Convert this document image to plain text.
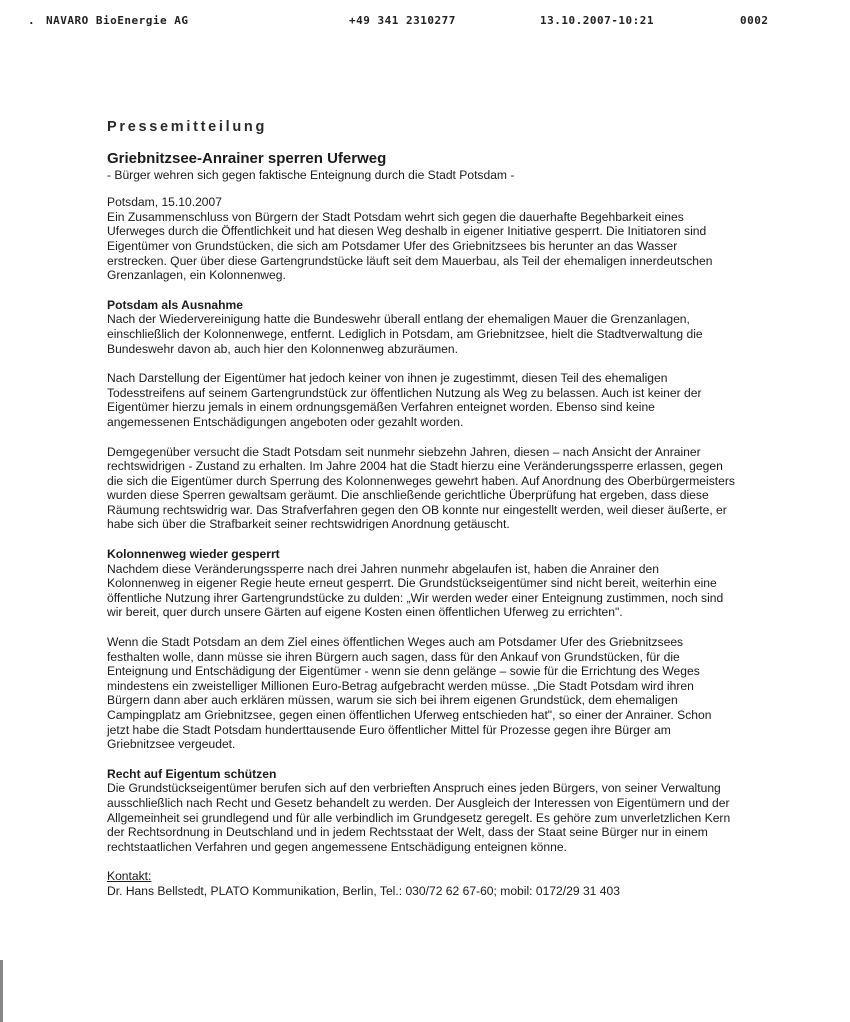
. NAVARO BioEnergie AG	+49 341 2310277	13.10.2007-10:21	0002

Pressemitteilung

Griebnitzsee-Anrainer sperren Uferweg

- Bürger wehren sich gegen faktische Enteignung durch die Stadt Potsdam -

Potsdam, 15.10.2007

Ein Zusammenschluss von Bürgern der Stadt Potsdam wehrt sich gegen die dauerhafte Begehbarkeit eines Uferweges durch die Öffentlichkeit und hat diesen Weg deshalb in eigener Initiative gesperrt. Die Initiatoren sind Eigentümer von Grundstücken, die sich am Potsdamer Ufer des Griebnitzsees bis herunter an das Wasser erstrecken. Quer über diese Gartengrundstücke läuft seit dem Mauerbau, als Teil der ehemaligen innerdeutschen Grenzanlagen, ein Kolonnenweg.

Potsdam als Ausnahme

Nach der Wiedervereinigung hatte die Bundeswehr überall entlang der ehemaligen Mauer die Grenzanlagen, einschließlich der Kolonnenwege, entfernt. Lediglich in Potsdam, am Griebnitzsee, hielt die Stadtverwaltung die Bundeswehr davon ab, auch hier den Kolonnenweg abzuräumen.

Nach Darstellung der Eigentümer hat jedoch keiner von ihnen je zugestimmt, diesen Teil des ehemaligen Todesstreifens auf seinem Gartengrundstück zur öffentlichen Nutzung als Weg zu belassen. Auch ist keiner der Eigentümer hierzu jemals in einem ordnungsgemäßen Verfahren enteignet worden. Ebenso sind keine angemessenen Entschädigungen angeboten oder gezahlt worden.

Demgegenüber versucht die Stadt Potsdam seit nunmehr siebzehn Jahren, diesen – nach Ansicht der Anrainer rechtswidrigen - Zustand zu erhalten. Im Jahre 2004 hat die Stadt hierzu eine Veränderungssperre erlassen, gegen die sich die Eigentümer durch Sperrung des Kolonnenweges gewehrt haben. Auf Anordnung des Oberbürgermeisters wurden diese Sperren gewaltsam geräumt. Die anschließende gerichtliche Überprüfung hat ergeben, dass diese Räumung rechtswidrig war. Das Strafverfahren gegen den OB konnte nur eingestellt werden, weil dieser äußerte, er habe sich über die Strafbarkeit seiner rechtswidrigen Anordnung getäuscht.

Kolonnenweg wieder gesperrt

Nachdem diese Veränderungssperre nach drei Jahren nunmehr abgelaufen ist, haben die Anrainer den Kolonnenweg in eigener Regie heute erneut gesperrt. Die Grundstückseigentümer sind nicht bereit, weiterhin eine öffentliche Nutzung ihrer Gartengrundstücke zu dulden: „Wir werden weder einer Enteignung zustimmen, noch sind wir bereit, quer durch unsere Gärten auf eigene Kosten einen öffentlichen Uferweg zu errichten".

Wenn die Stadt Potsdam an dem Ziel eines öffentlichen Weges auch am Potsdamer Ufer des Griebnitzsees festhalten wolle, dann müsse sie ihren Bürgern auch sagen, dass für den Ankauf von Grundstücken, für die Enteignung und Entschädigung der Eigentümer - wenn sie denn gelänge – sowie für die Errichtung des Weges mindestens ein zweistelliger Millionen Euro-Betrag aufgebracht werden müsse. „Die Stadt Potsdam wird ihren Bürgern dann aber auch erklären müssen, warum sie sich bei ihrem eigenen Grundstück, dem ehemaligen Campingplatz am Griebnitzsee, gegen einen öffentlichen Uferweg entschieden hat", so einer der Anrainer. Schon jetzt habe die Stadt Potsdam hunderttausende Euro öffentlicher Mittel für Prozesse gegen ihre Bürger am Griebnitzsee vergeudet.

Recht auf Eigentum schützen

Die Grundstückseigentümer berufen sich auf den verbrieften Anspruch eines jeden Bürgers, von seiner Verwaltung ausschließlich nach Recht und Gesetz behandelt zu werden. Der Ausgleich der Interessen von Eigentümern und der Allgemeinheit sei grundlegend und für alle verbindlich im Grundgesetz geregelt. Es gehöre zum unverletzlichen Kern der Rechtsordnung in Deutschland und in jedem Rechtsstaat der Welt, dass der Staat seine Bürger nur in einem rechtstaatlichen Verfahren und gegen angemessene Entschädigung enteignen könne.

Kontakt:

Dr. Hans Bellstedt, PLATO Kommunikation, Berlin, Tel.: 030/72 62 67-60; mobil: 0172/29 31 403
